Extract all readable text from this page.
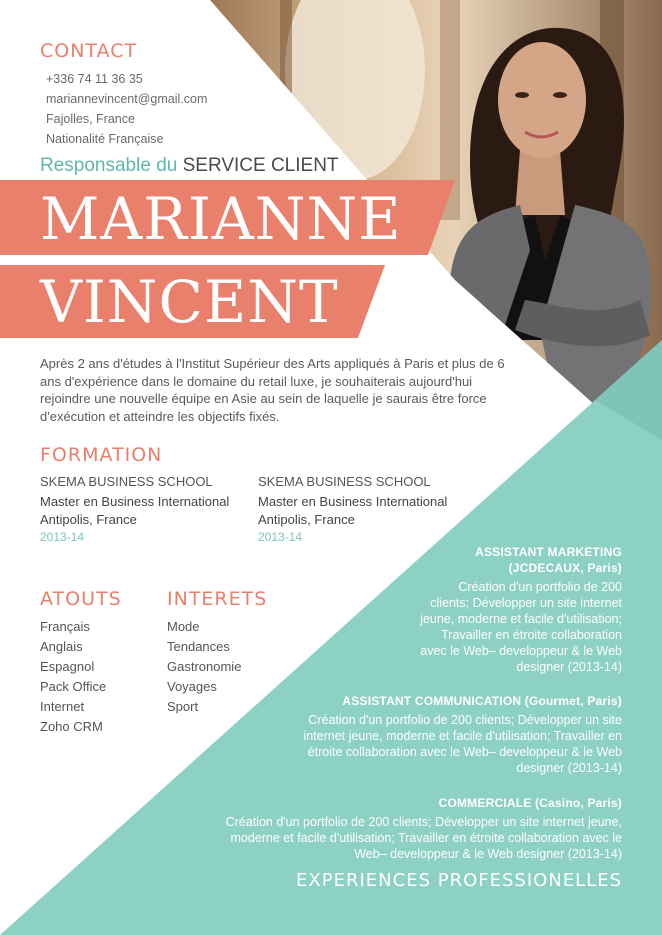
CONTACT
+336 74 11 36 35
mariannevincent@gmail.com
Fajolles, France
Nationalité Française
Responsable du SERVICE CLIENT
MARIANNE
VINCENT
Après 2 ans d'études à l'Institut Supérieur des Arts appliqués à Paris et plus de 6 ans d'expérience dans le domaine du retail luxe, je souhaiterais aujourd'hui rejoindre une nouvelle équipe en Asie au sein de laquelle je saurais être force d'exécution et atteindre les objectifs fixés.
FORMATION
SKEMA BUSINESS SCHOOL
Master en Business International
Antipolis, France
2013-14
SKEMA BUSINESS SCHOOL
Master en Business International
Antipolis, France
2013-14
ATOUTS
Français
Anglais
Espagnol
Pack Office
Internet
Zoho CRM
INTERETS
Mode
Tendances
Gastronomie
Voyages
Sport
ASSISTANT MARKETING
(JCDECAUX, Paris)
Création d'un portfolio de 200
clients; Développer un site internet
jeune, moderne et facile d'utilisation;
Travailler en étroite collaboration
avec le Web– developpeur & le Web
designer (2013-14)
ASSISTANT COMMUNICATION (Gourmet, Paris)
Création d'un portfolio de 200 clients; Développer un site
internet jeune, moderne et facile d'utilisation; Travailler en
étroite collaboration avec le Web– developpeur & le Web
designer (2013-14)
COMMERCIALE (Casino, Paris)
Création d'un portfolio de 200 clients; Développer un site internet jeune,
moderne et facile d'utilisation; Travailler en étroite collaboration avec le
Web– developpeur & le Web designer (2013-14)
EXPERIENCES PROFESSIONELLES
